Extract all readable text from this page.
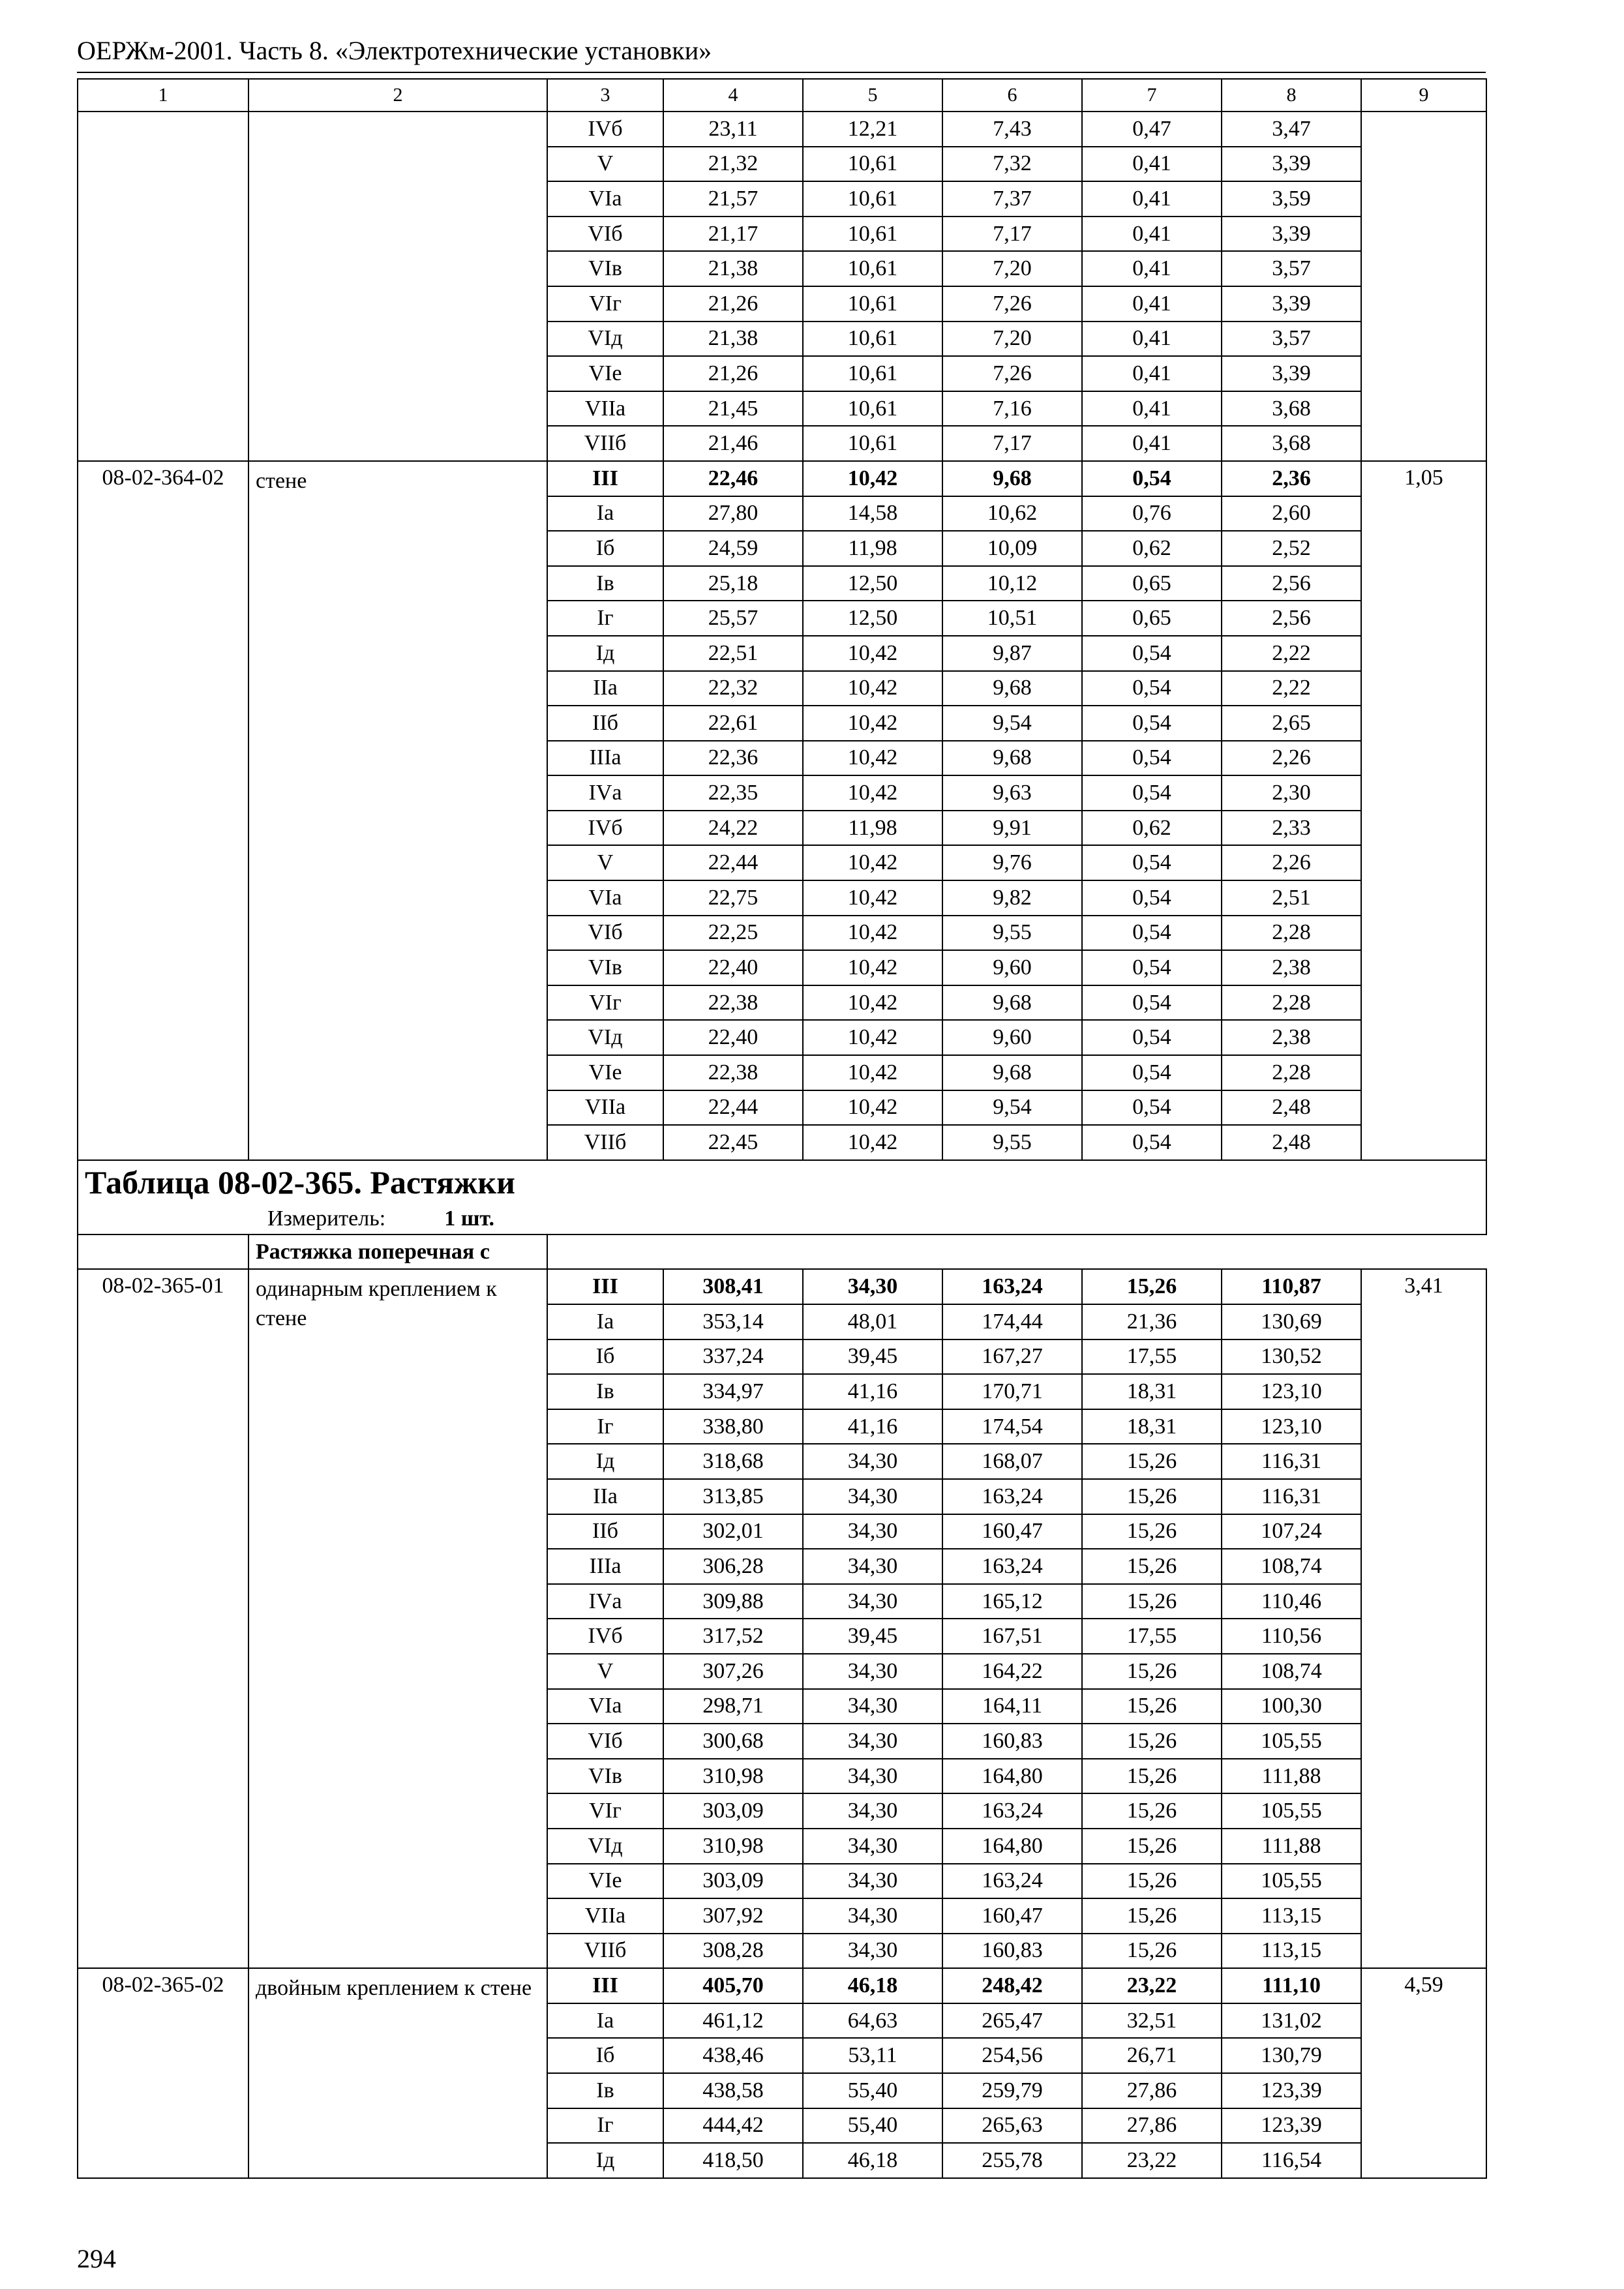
ОЕРЖм-2001. Часть 8. «Электротехнические установки»
1	2	3	4	5	6	7	8	9
		IVб	23,11	12,21	7,43	0,47	3,47	
		V	21,32	10,61	7,32	0,41	3,39	
		VIа	21,57	10,61	7,37	0,41	3,59	
		VIб	21,17	10,61	7,17	0,41	3,39	
		VIв	21,38	10,61	7,20	0,41	3,57	
		VIг	21,26	10,61	7,26	0,41	3,39	
		VIд	21,38	10,61	7,20	0,41	3,57	
		VIе	21,26	10,61	7,26	0,41	3,39	
		VIIа	21,45	10,61	7,16	0,41	3,68	
		VIIб	21,46	10,61	7,17	0,41	3,68	
08-02-364-02	стене	III	22,46	10,42	9,68	0,54	2,36	1,05
		Iа	27,80	14,58	10,62	0,76	2,60	
		Iб	24,59	11,98	10,09	0,62	2,52	
		Iв	25,18	12,50	10,12	0,65	2,56	
		Iг	25,57	12,50	10,51	0,65	2,56	
		Iд	22,51	10,42	9,87	0,54	2,22	
		IIа	22,32	10,42	9,68	0,54	2,22	
		IIб	22,61	10,42	9,54	0,54	2,65	
		IIIа	22,36	10,42	9,68	0,54	2,26	
		IVа	22,35	10,42	9,63	0,54	2,30	
		IVб	24,22	11,98	9,91	0,62	2,33	
		V	22,44	10,42	9,76	0,54	2,26	
		VIа	22,75	10,42	9,82	0,54	2,51	
		VIб	22,25	10,42	9,55	0,54	2,28	
		VIв	22,40	10,42	9,60	0,54	2,38	
		VIг	22,38	10,42	9,68	0,54	2,28	
		VIд	22,40	10,42	9,60	0,54	2,38	
		VIе	22,38	10,42	9,68	0,54	2,28	
		VIIа	22,44	10,42	9,54	0,54	2,48	
		VIIб	22,45	10,42	9,55	0,54	2,48	

Таблица 08-02-365. Растяжки
Измеритель: 1 шт.								

	Растяжка поперечная с							
08-02-365-01	одинарным креплением к стене	III	308,41	34,30	163,24	15,26	110,87	3,41
		Iа	353,14	48,01	174,44	21,36	130,69	
		Iб	337,24	39,45	167,27	17,55	130,52	
		Iв	334,97	41,16	170,71	18,31	123,10	
		Iг	338,80	41,16	174,54	18,31	123,10	
		Iд	318,68	34,30	168,07	15,26	116,31	
		IIа	313,85	34,30	163,24	15,26	116,31	
		IIб	302,01	34,30	160,47	15,26	107,24	
		IIIа	306,28	34,30	163,24	15,26	108,74	
		IVа	309,88	34,30	165,12	15,26	110,46	
		IVб	317,52	39,45	167,51	17,55	110,56	
		V	307,26	34,30	164,22	15,26	108,74	
		VIа	298,71	34,30	164,11	15,26	100,30	
		VIб	300,68	34,30	160,83	15,26	105,55	
		VIв	310,98	34,30	164,80	15,26	111,88	
		VIг	303,09	34,30	163,24	15,26	105,55	
		VIд	310,98	34,30	164,80	15,26	111,88	
		VIе	303,09	34,30	163,24	15,26	105,55	
		VIIа	307,92	34,30	160,47	15,26	113,15	
		VIIб	308,28	34,30	160,83	15,26	113,15	
08-02-365-02	двойным креплением к стене	III	405,70	46,18	248,42	23,22	111,10	4,59
		Iа	461,12	64,63	265,47	32,51	131,02	
		Iб	438,46	53,11	254,56	26,71	130,79	
		Iв	438,58	55,40	259,79	27,86	123,39	
		Iг	444,42	55,40	265,63	27,86	123,39	
		Iд	418,50	46,18	255,78	23,22	116,54	
294
